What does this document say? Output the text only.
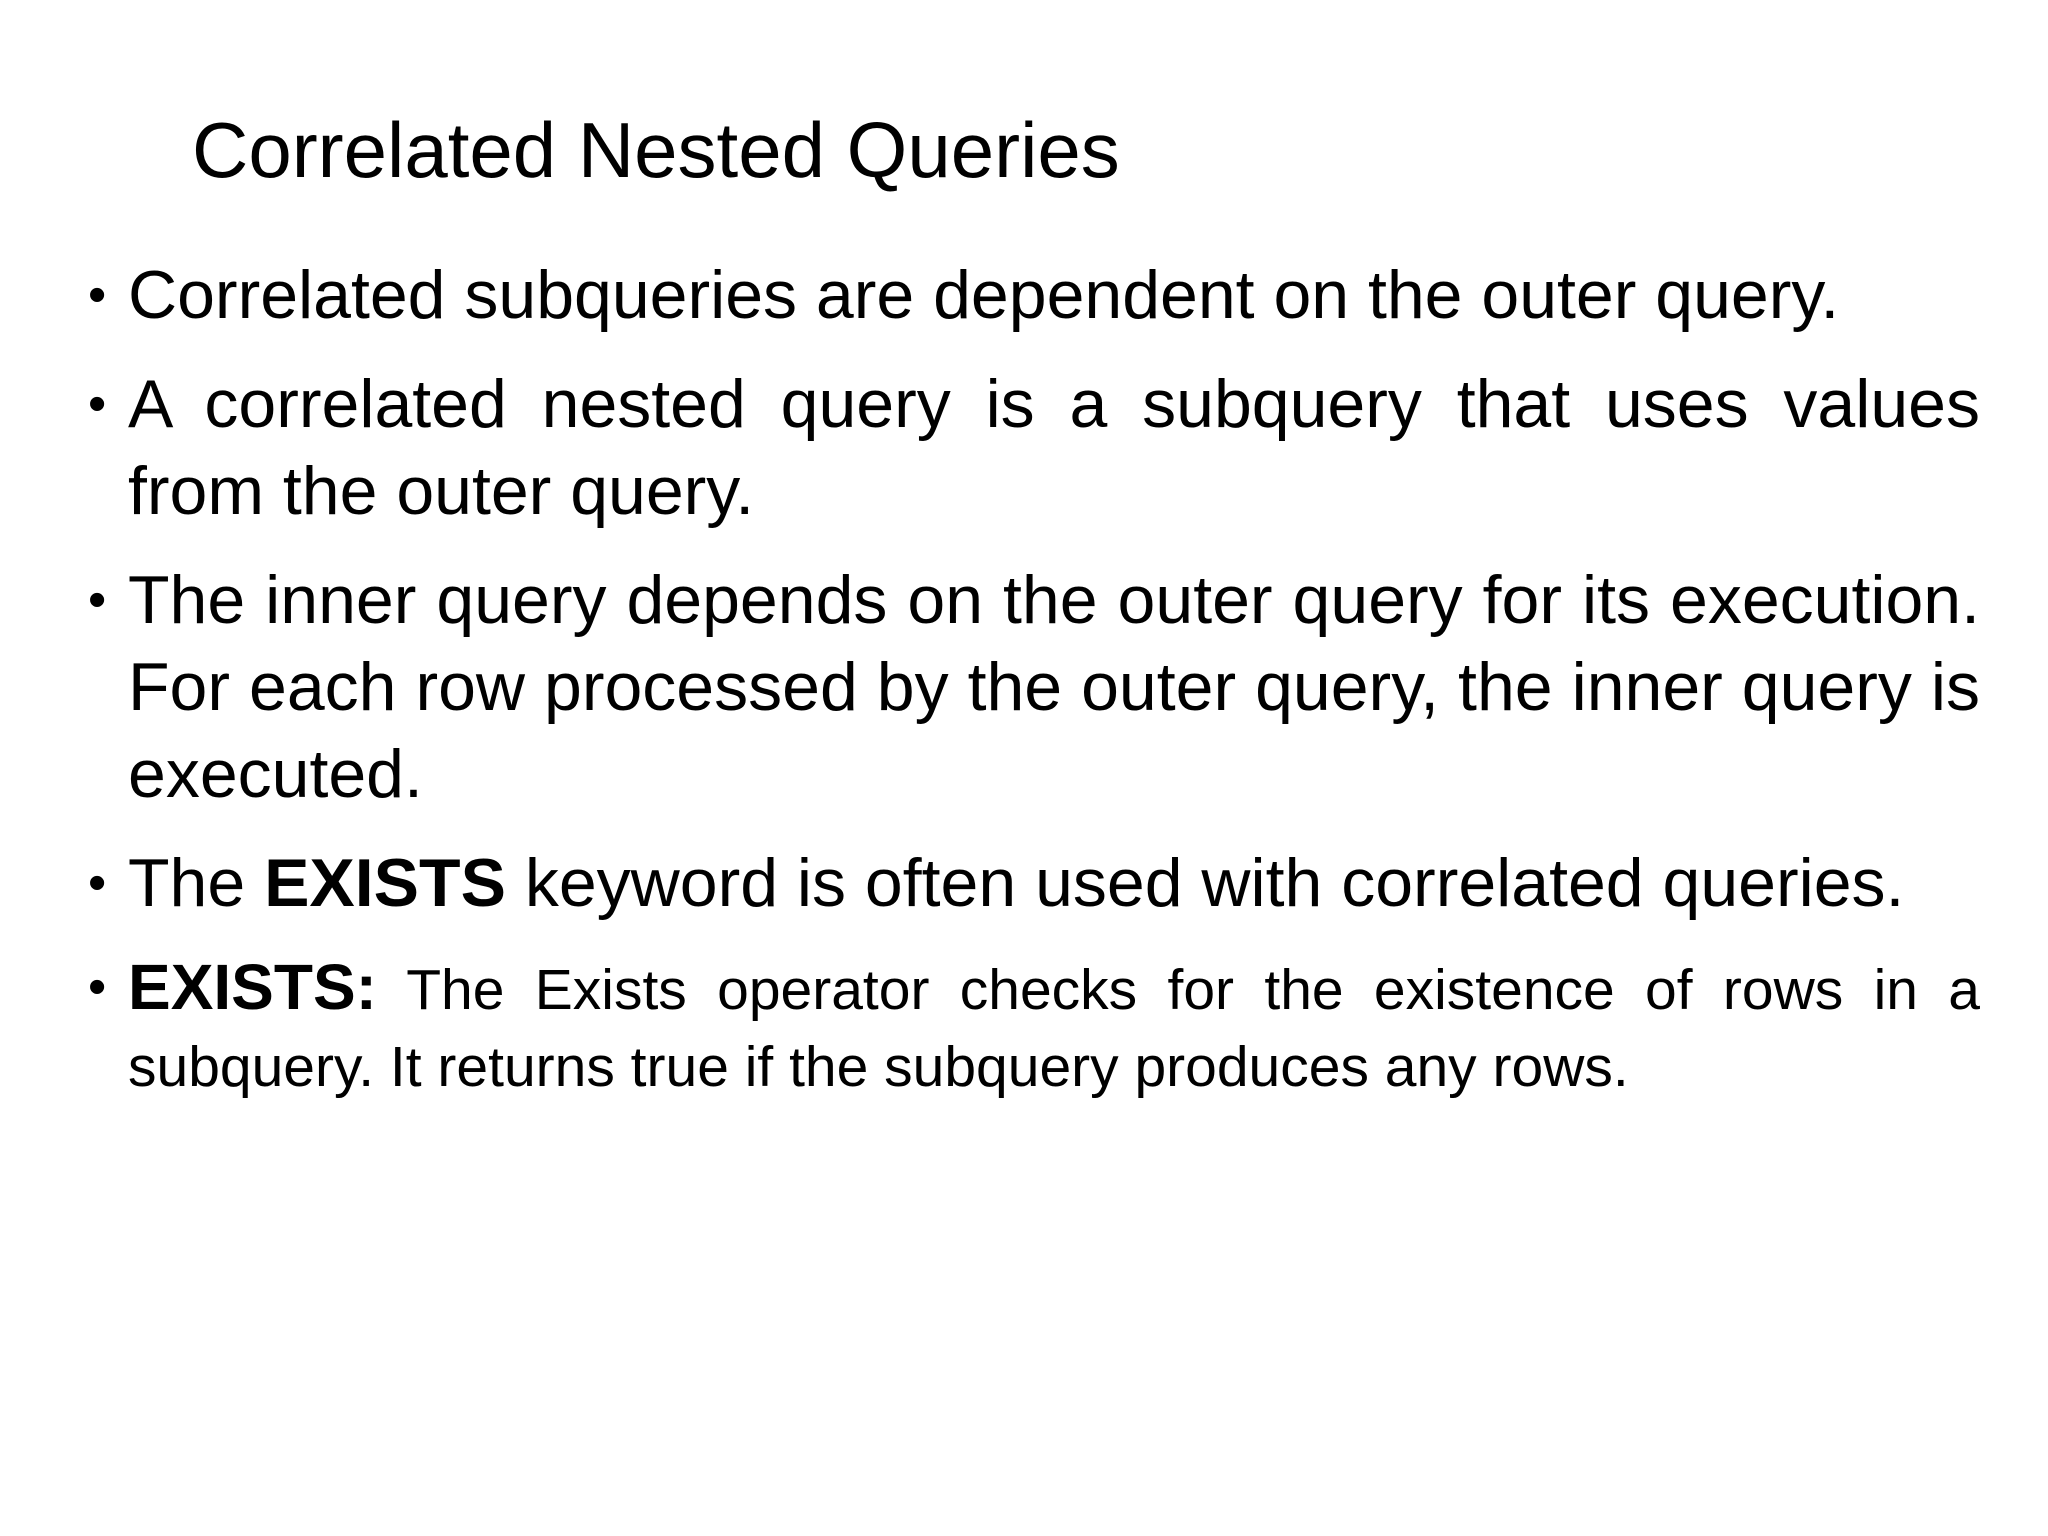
Correlated Nested Queries
• Correlated subqueries are dependent on the outer query.
• A correlated nested query is a subquery that uses values from the outer query.
• The inner query depends on the outer query for its execution. For each row processed by the outer query, the inner query is executed.
• The EXISTS keyword is often used with correlated queries.
• EXISTS: The Exists operator checks for the existence of rows in a subquery. It returns true if the subquery produces any rows.
